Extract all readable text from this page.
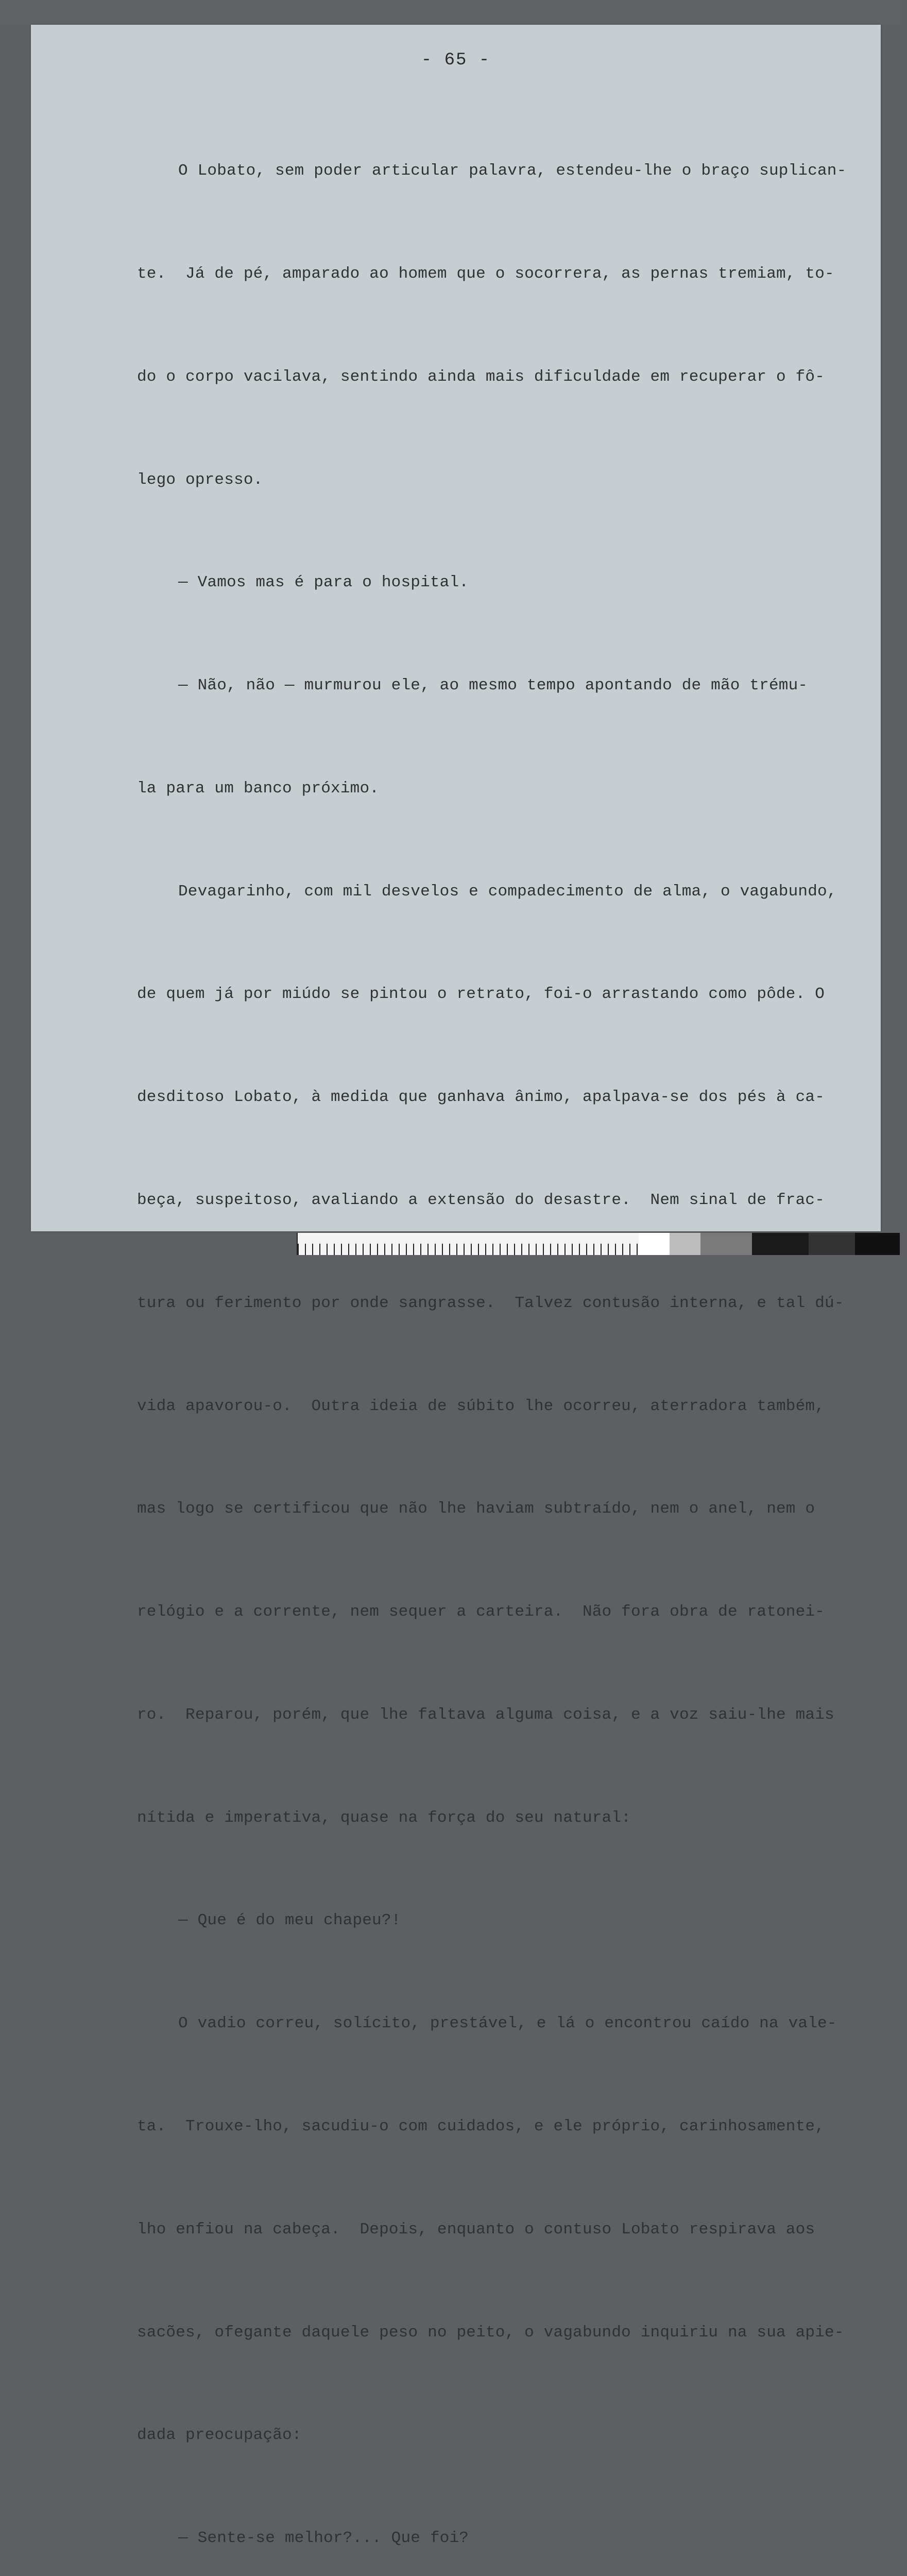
- 65 -

O Lobato, sem poder articular palavra, estendeu-lhe o braço suplican-

te.  Já de pé, amparado ao homem que o socorrera, as pernas tremiam, to-

do o corpo vacilava, sentindo ainda mais dificuldade em recuperar o fô-

lego opresso.

— Vamos mas é para o hospital.

— Não, não — murmurou ele, ao mesmo tempo apontando de mão trému-

la para um banco próximo.

Devagarinho, com mil desvelos e compadecimento de alma, o vagabundo,

de quem já por miúdo se pintou o retrato, foi-o arrastando como pôde. O

desditoso Lobato, à medida que ganhava ânimo, apalpava-se dos pés à ca-

beça, suspeitoso, avaliando a extensão do desastre.  Nem sinal de frac-

tura ou ferimento por onde sangrasse.  Talvez contusão interna, e tal dú-

vida apavorou-o.  Outra ideia de súbito lhe ocorreu, aterradora também,

mas logo se certificou que não lhe haviam subtraído, nem o anel, nem o

relógio e a corrente, nem sequer a carteira.  Não fora obra de ratonei-

ro.  Reparou, porém, que lhe faltava alguma coisa, e a voz saiu-lhe mais

nítida e imperativa, quase na força do seu natural:

— Que é do meu chapeu?!

O vadio correu, solícito, prestável, e lá o encontrou caído na vale-

ta.  Trouxe-lho, sacudiu-o com cuidados, e ele próprio, carinhosamente,

lho enfiou na cabeça.  Depois, enquanto o contuso Lobato respirava aos

sacões, ofegante daquele peso no peito, o vagabundo inquiriu na sua apie-

dada preocupação:

— Sente-se melhor?... Que foi?
